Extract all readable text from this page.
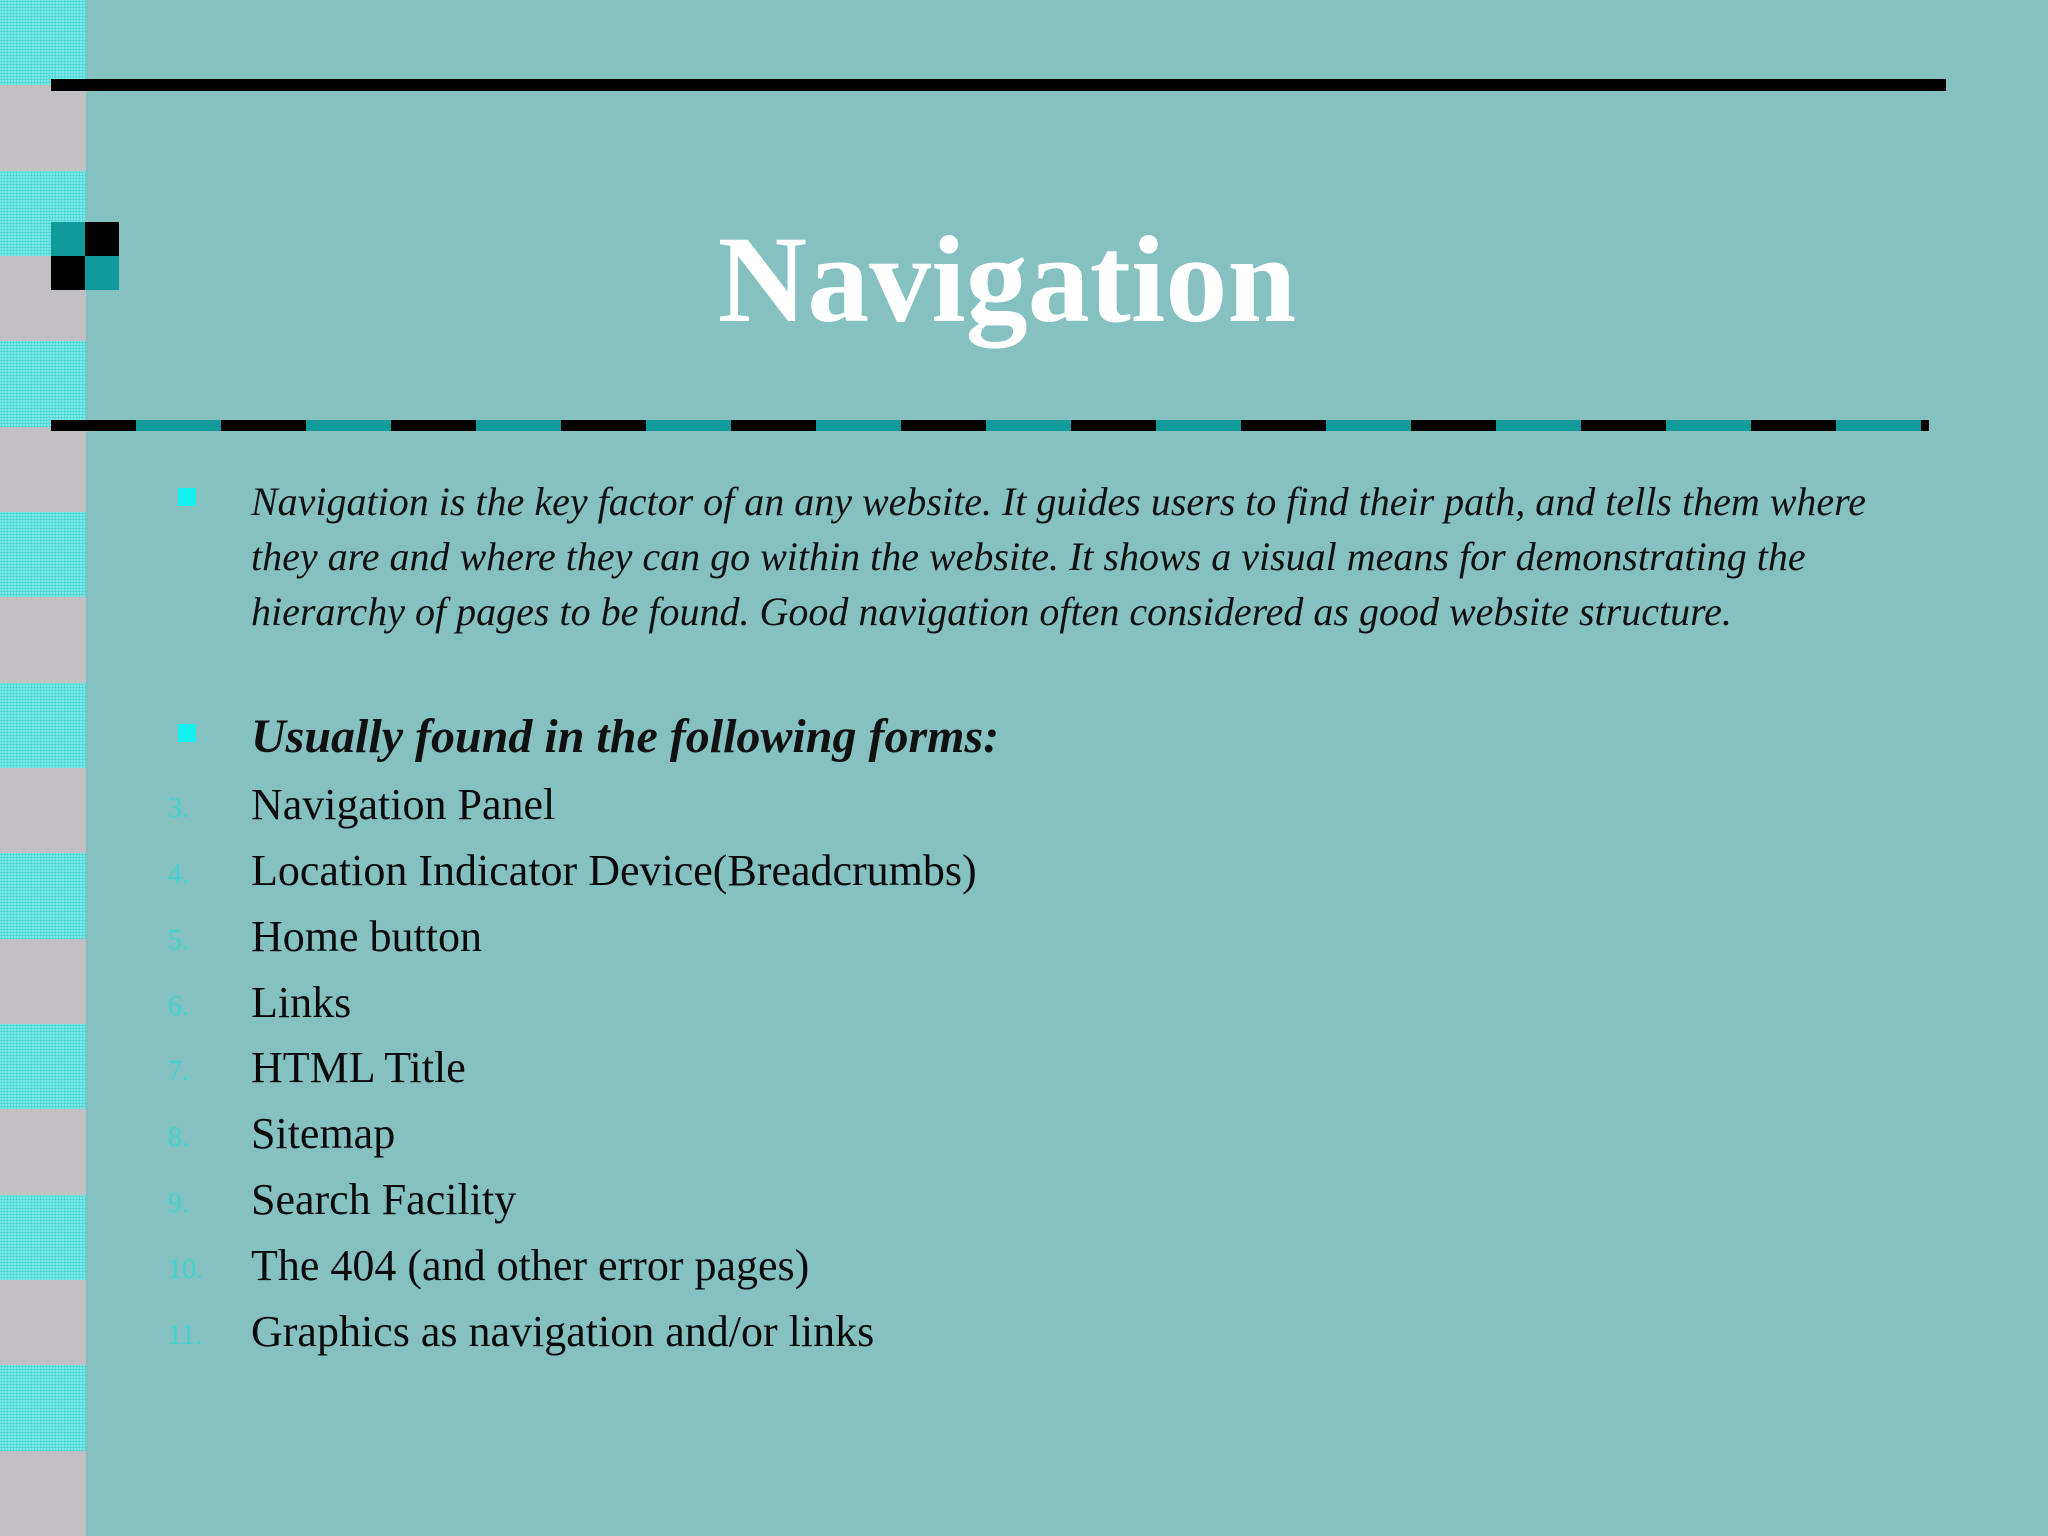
Navigation

Navigation is the key factor of an any website. It guides users to find their path, and tells them where they are and where they can go within the website. It shows a visual means for demonstrating the hierarchy of pages to be found. Good navigation often considered as good website structure.

Usually found in the following forms:
3.	Navigation Panel
4.	Location Indicator Device(Breadcrumbs)
5.	Home button
6.	Links
7.	HTML Title
8.	Sitemap
9.	Search Facility
10.	The 404 (and other error pages)
11.	Graphics as navigation and/or links
